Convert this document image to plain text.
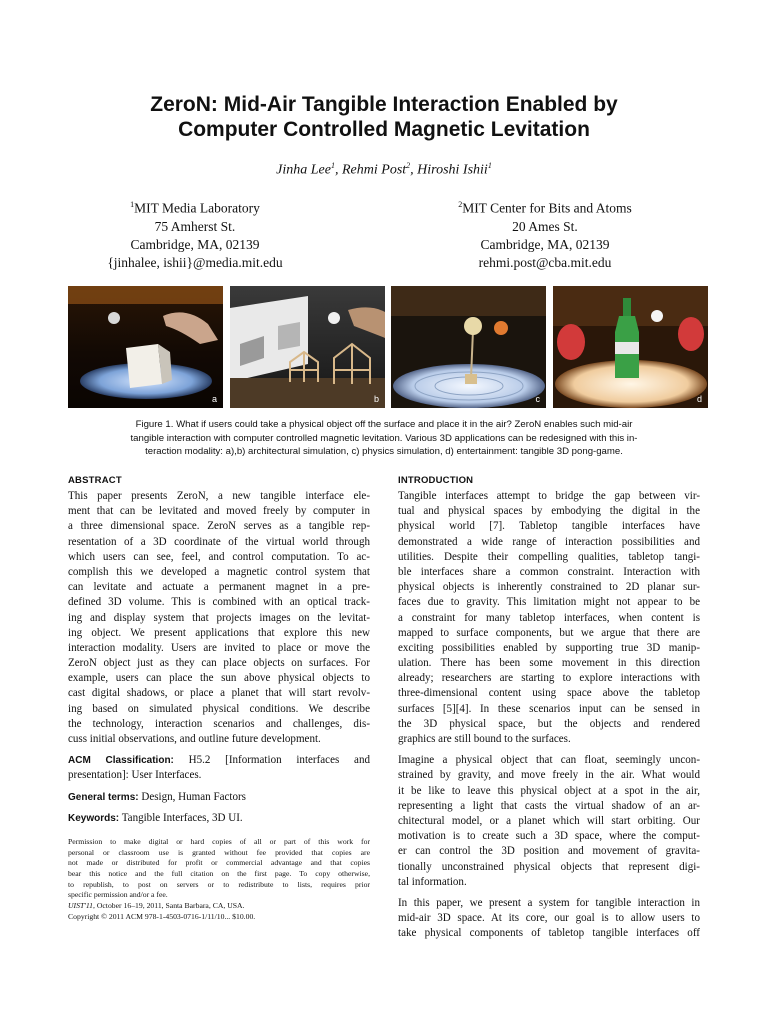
ZeroN: Mid-Air Tangible Interaction Enabled by
Computer Controlled Magnetic Levitation
Jinha Lee$^1$, Rehmi Post$^2$, Hiroshi Ishii$^1$
$^1$MIT Media Laboratory
75 Amherst St.
Cambridge, MA, 02139
{jinhalee, ishii}@media.mit.edu
$^2$MIT Center for Bits and Atoms
20 Ames St.
Cambridge, MA, 02139
rehmi.post@cba.mit.edu
a	b	c	d
Figure 1. What if users could take a physical object off the surface and place it in the air? ZeroN enables such mid-air
tangible interaction with computer controlled magnetic levitation. Various 3D applications can be redesigned with this in-
teraction modality: a),b) architectural simulation, c) physics simulation, d) entertainment: tangible 3D pong-game.
ABSTRACT
This paper presents ZeroN, a new tangible interface ele-
ment that can be levitated and moved freely by computer in
a three dimensional space. ZeroN serves as a tangible rep-
resentation of a 3D coordinate of the virtual world through
which users can see, feel, and control computation. To ac-
complish this we developed a magnetic control system that
can levitate and actuate a permanent magnet in a pre-
defined 3D volume. This is combined with an optical track-
ing and display system that projects images on the levitat-
ing object. We present applications that explore this new
interaction modality. Users are invited to place or move the
ZeroN object just as they can place objects on surfaces. For
example, users can place the sun above physical objects to
cast digital shadows, or place a planet that will start revolv-
ing based on simulated physical conditions. We describe
the technology, interaction scenarios and challenges, dis-
cuss initial observations, and outline future development.
ACM Classification: H5.2 [Information interfaces and
presentation]: User Interfaces.
General terms: Design, Human Factors
Keywords: Tangible Interfaces, 3D UI.
Permission to make digital or hard copies of all or part of this work for
personal or classroom use is granted without fee provided that copies are
not made or distributed for profit or commercial advantage and that copies
bear this notice and the full citation on the first page. To copy otherwise,
to republish, to post on servers or to redistribute to lists, requires prior
specific permission and/or a fee.
UIST'11, October 16–19, 2011, Santa Barbara, CA, USA.
Copyright © 2011 ACM 978-1-4503-0716-1/11/10... $10.00.
INTRODUCTION
Tangible interfaces attempt to bridge the gap between vir-
tual and physical spaces by embodying the digital in the
physical world [7]. Tabletop tangible interfaces have
demonstrated a wide range of interaction possibilities and
utilities. Despite their compelling qualities, tabletop tangi-
ble interfaces share a common constraint. Interaction with
physical objects is inherently constrained to 2D planar sur-
faces due to gravity. This limitation might not appear to be
a constraint for many tabletop interfaces, when content is
mapped to surface components, but we argue that there are
exciting possibilities enabled by supporting true 3D manip-
ulation. There has been some movement in this direction
already; researchers are starting to explore interactions with
three-dimensional content using space above the tabletop
surfaces [5][4]. In these scenarios input can be sensed in
the 3D physical space, but the objects and rendered
graphics are still bound to the surfaces.
Imagine a physical object that can float, seemingly uncon-
strained by gravity, and move freely in the air. What would
it be like to leave this physical object at a spot in the air,
representing a light that casts the virtual shadow of an ar-
chitectural model, or a planet which will start orbiting. Our
motivation is to create such a 3D space, where the comput-
er can control the 3D position and movement of gravita-
tionally unconstrained physical objects that represent digi-
tal information.
In this paper, we present a system for tangible interaction in
mid-air 3D space. At its core, our goal is to allow users to
take physical components of tabletop tangible interfaces off
